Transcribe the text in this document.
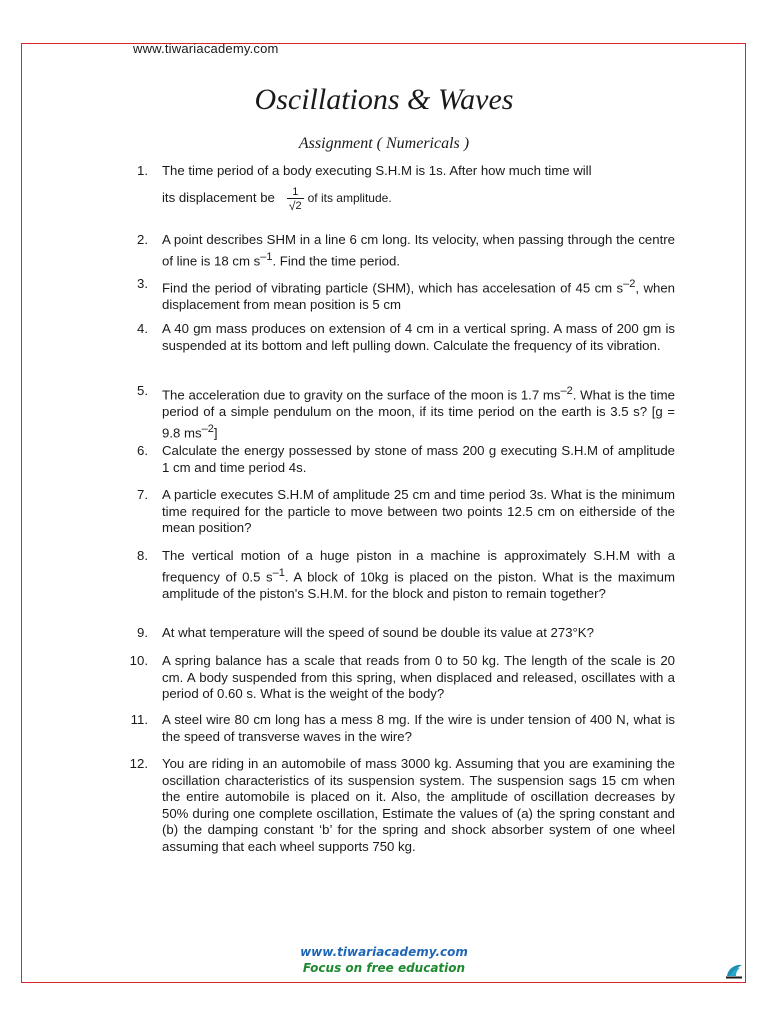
www.tiwariacademy.com
Oscillations & Waves
Assignment ( Numericals )
1. The time period of a body executing S.H.M is 1s. After how much time will
its displacement be $\frac{1}{√ 2}$ of its amplitude.
2. A point describes SHM in a line 6 cm long. Its velocity, when passing through the centre of line is 18 cm $s^{-1}$. Find the time period.
3. Find the period of vibrating particle (SHM), which has accelesation of 45 cm $s^{-2}$, when displacement from mean position is 5 cm
4. A 40 gm mass produces on extension of 4 cm in a vertical spring. A mass of 200 gm is suspended at its bottom and left pulling down. Calculate the frequency of its vibration.
5. The acceleration due to gravity on the surface of the moon is 1.7 $ms^{-2}$. What is the time period of a simple pendulum on the moon, if its time period on the earth is 3.5 s? [g = 9.8 $ms^{-2}$]
6. Calculate the energy possessed by stone of mass 200 g executing S.H.M of amplitude 1 cm and time period 4s.
7. A particle executes S.H.M of amplitude 25 cm and time period 3s. What is the minimum time required for the particle to move between two points 12.5 cm on eitherside of the mean position?
8. The vertical motion of a huge piston in a machine is approximately S.H.M with a frequency of 0.5 $s^{-1}$. A block of 10kg is placed on the piston. What is the maximum amplitude of the piston's S.H.M. for the block and piston to remain together?
9. At what temperature will the speed of sound be double its value at 273°K?
10. A spring balance has a scale that reads from 0 to 50 kg. The length of the scale is 20 cm. A body suspended from this spring, when displaced and released, oscillates with a period of 0.60 s. What is the weight of the body?
11. A steel wire 80 cm long has a mess 8 mg. If the wire is under tension of 400 N, what is the speed of transverse waves in the wire?
12. You are riding in an automobile of mass 3000 kg. Assuming that you are examining the oscillation characteristics of its suspension system. The suspension sags 15 cm when the entire automobile is placed on it. Also, the amplitude of oscillation decreases by 50% during one complete oscillation, Estimate the values of (a) the spring constant and (b) the damping constant ‘b’ for the spring and shock absorber system of one wheel assuming that each wheel supports 750 kg.
www.tiwariacademy.com
Focus on free education
